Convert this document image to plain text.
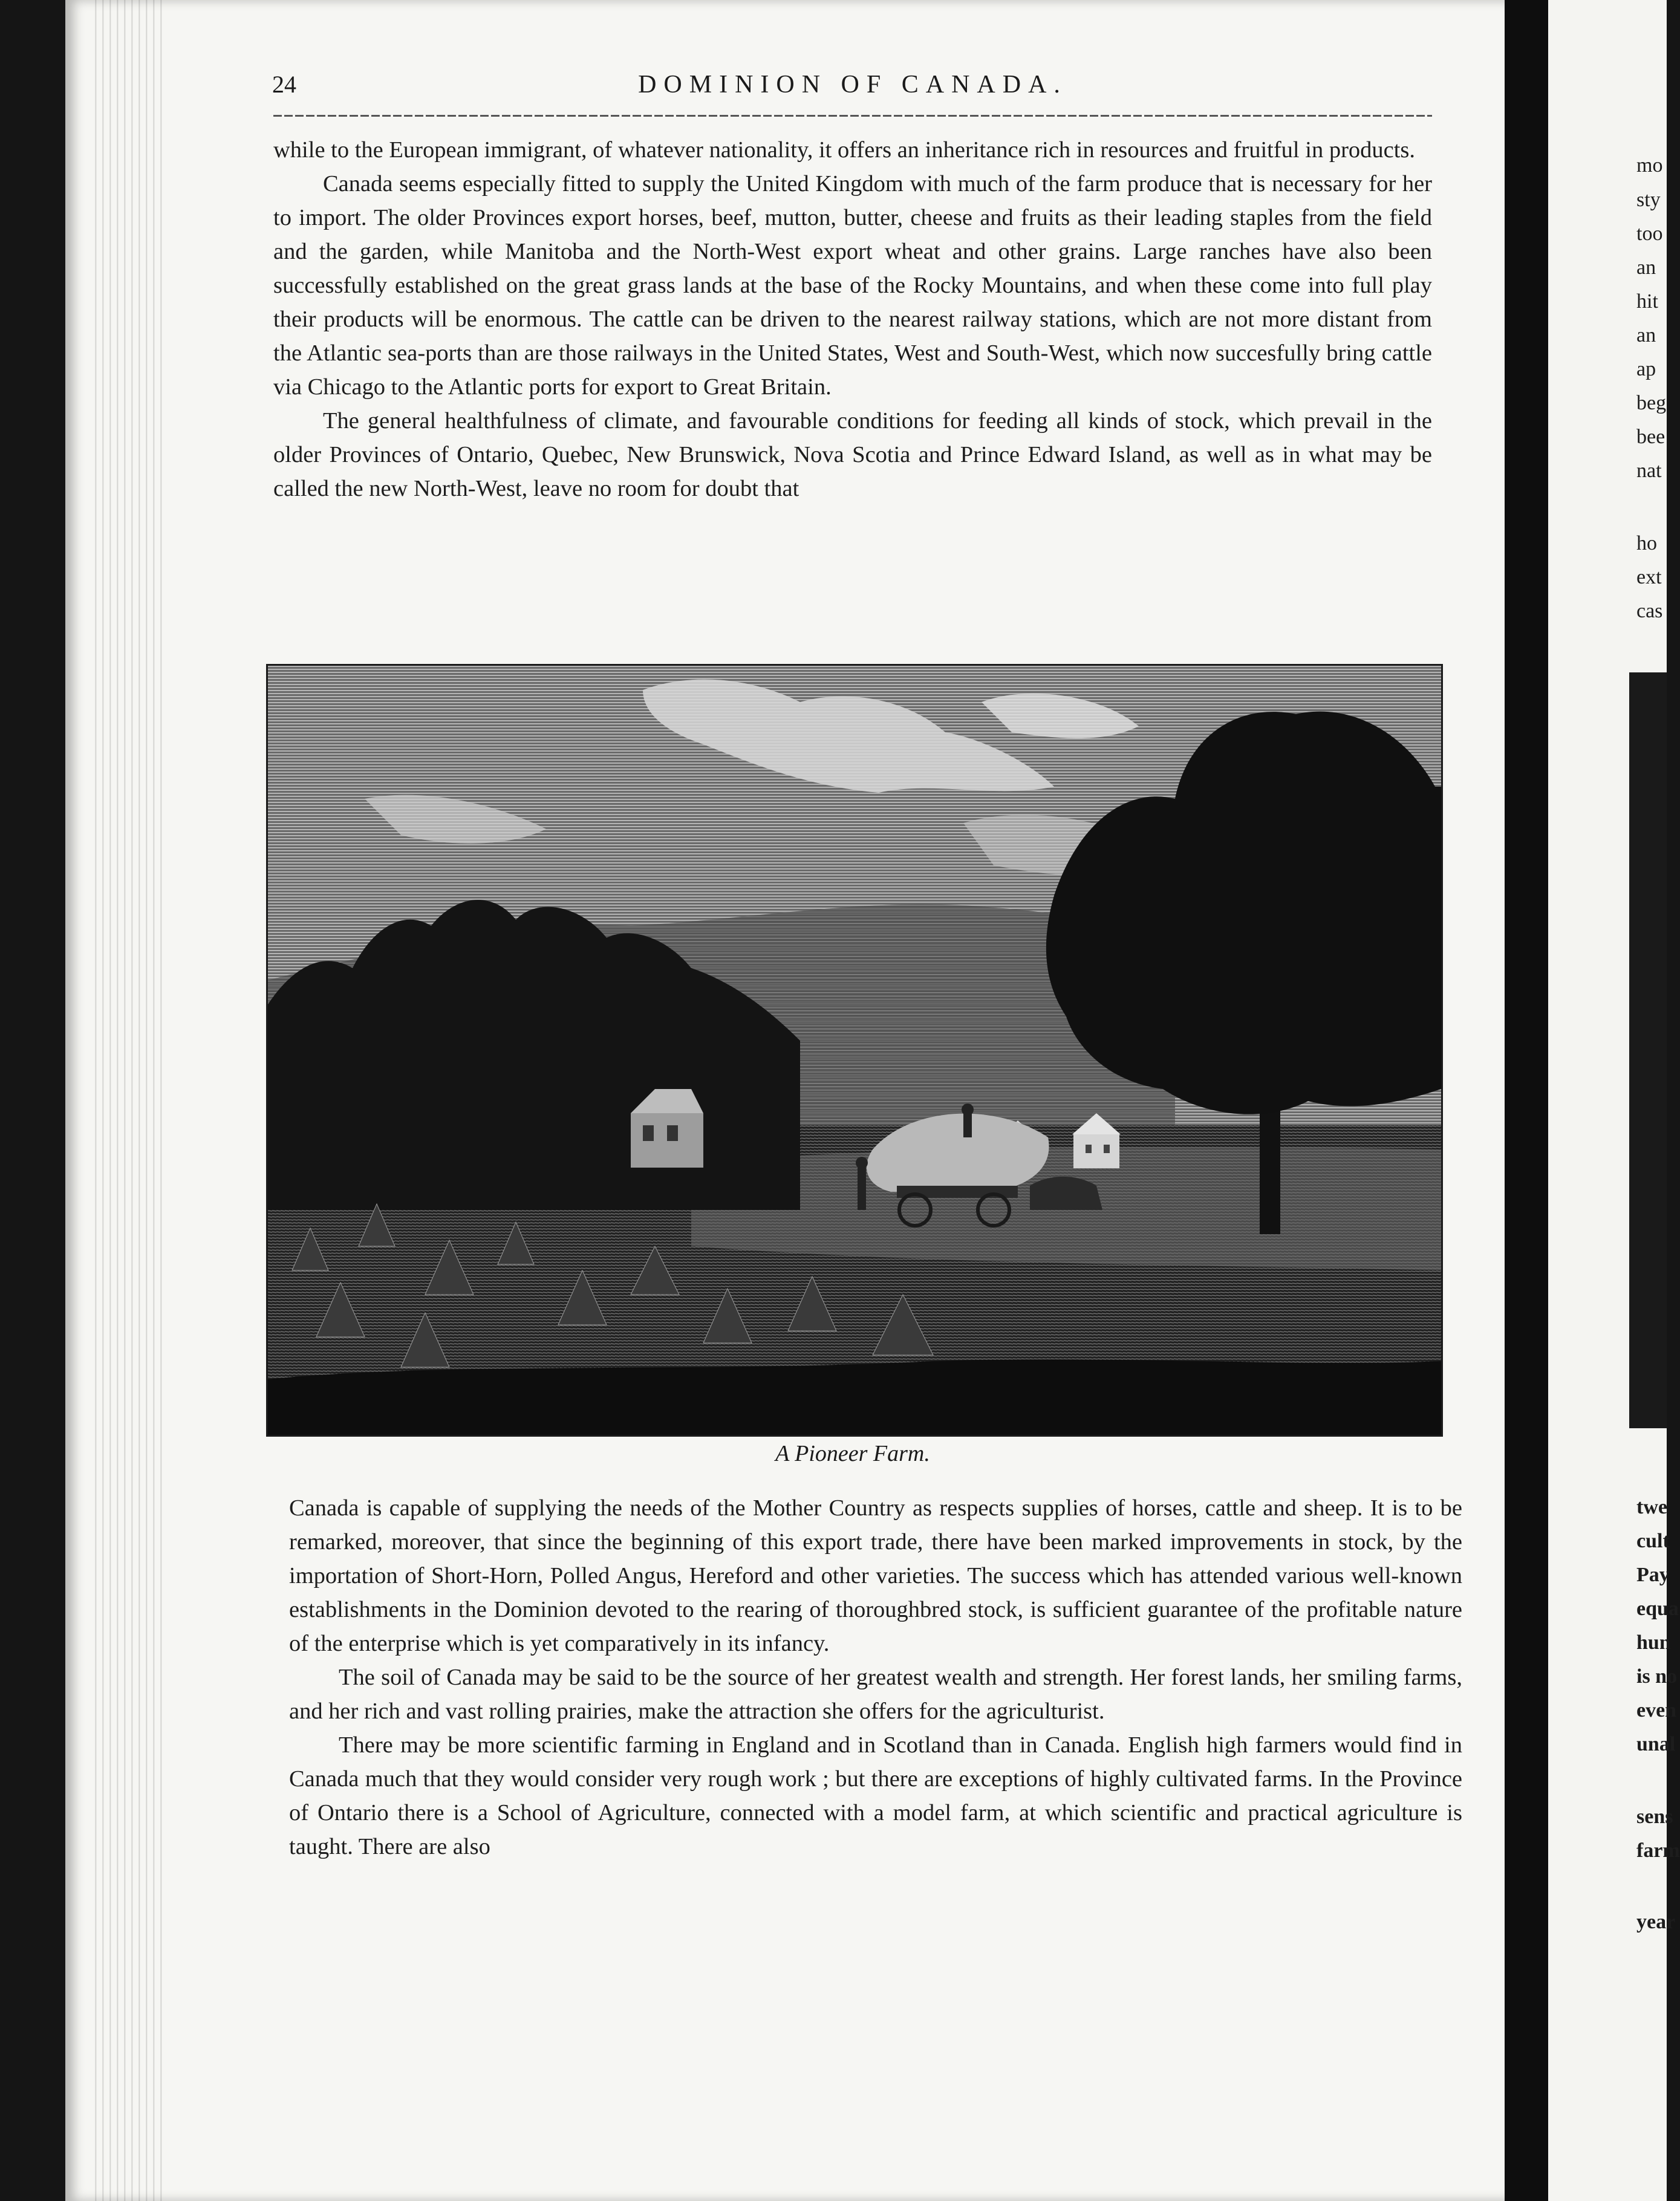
24	DOMINION OF CANADA.

while to the European immigrant, of whatever nationality, it offers an inheritance rich in resources and fruitful in products.

Canada seems especially fitted to supply the United Kingdom with much of the farm produce that is necessary for her to import. The older Provinces export horses, beef, mutton, butter, cheese and fruits as their leading staples from the field and the garden, while Manitoba and the North-West export wheat and other grains. Large ranches have also been successfully established on the great grass lands at the base of the Rocky Mountains, and when these come into full play their products will be enormous. The cattle can be driven to the nearest railway stations, which are not more distant from the Atlantic sea-ports than are those railways in the United States, West and South-West, which now succesfully bring cattle via Chicago to the Atlantic ports for export to Great Britain.

The general healthfulness of climate, and favourable conditions for feeding all kinds of stock, which prevail in the older Provinces of Ontario, Quebec, New Brunswick, Nova Scotia and Prince Edward Island, as well as in what may be called the new North-West, leave no room for doubt that

A Pioneer Farm.

Canada is capable of supplying the needs of the Mother Country as respects supplies of horses, cattle and sheep. It is to be remarked, moreover, that since the beginning of this export trade, there have been marked improvements in stock, by the importation of Short-Horn, Polled Angus, Hereford and other varieties. The success which has attended various well-known establishments in the Dominion devoted to the rearing of thoroughbred stock, is sufficient guarantee of the profitable nature of the enterprise which is yet comparatively in its infancy.

The soil of Canada may be said to be the source of her greatest wealth and strength. Her forest lands, her smiling farms, and her rich and vast rolling prairies, make the attraction she offers for the agriculturist.

There may be more scientific farming in England and in Scotland than in Canada. English high farmers would find in Canada much that they would consider very rough work ; but there are exceptions of highly cultivated farms. In the Province of Ontario there is a School of Agriculture, connected with a model farm, at which scientific and practical agriculture is taught. There are also

mo
sty
too
an
hit
an
ap
beg
bee
nat
ho
ext
cas
twe
cult
Pay
equa
hun
is no
even
unal
sens
farm
year
